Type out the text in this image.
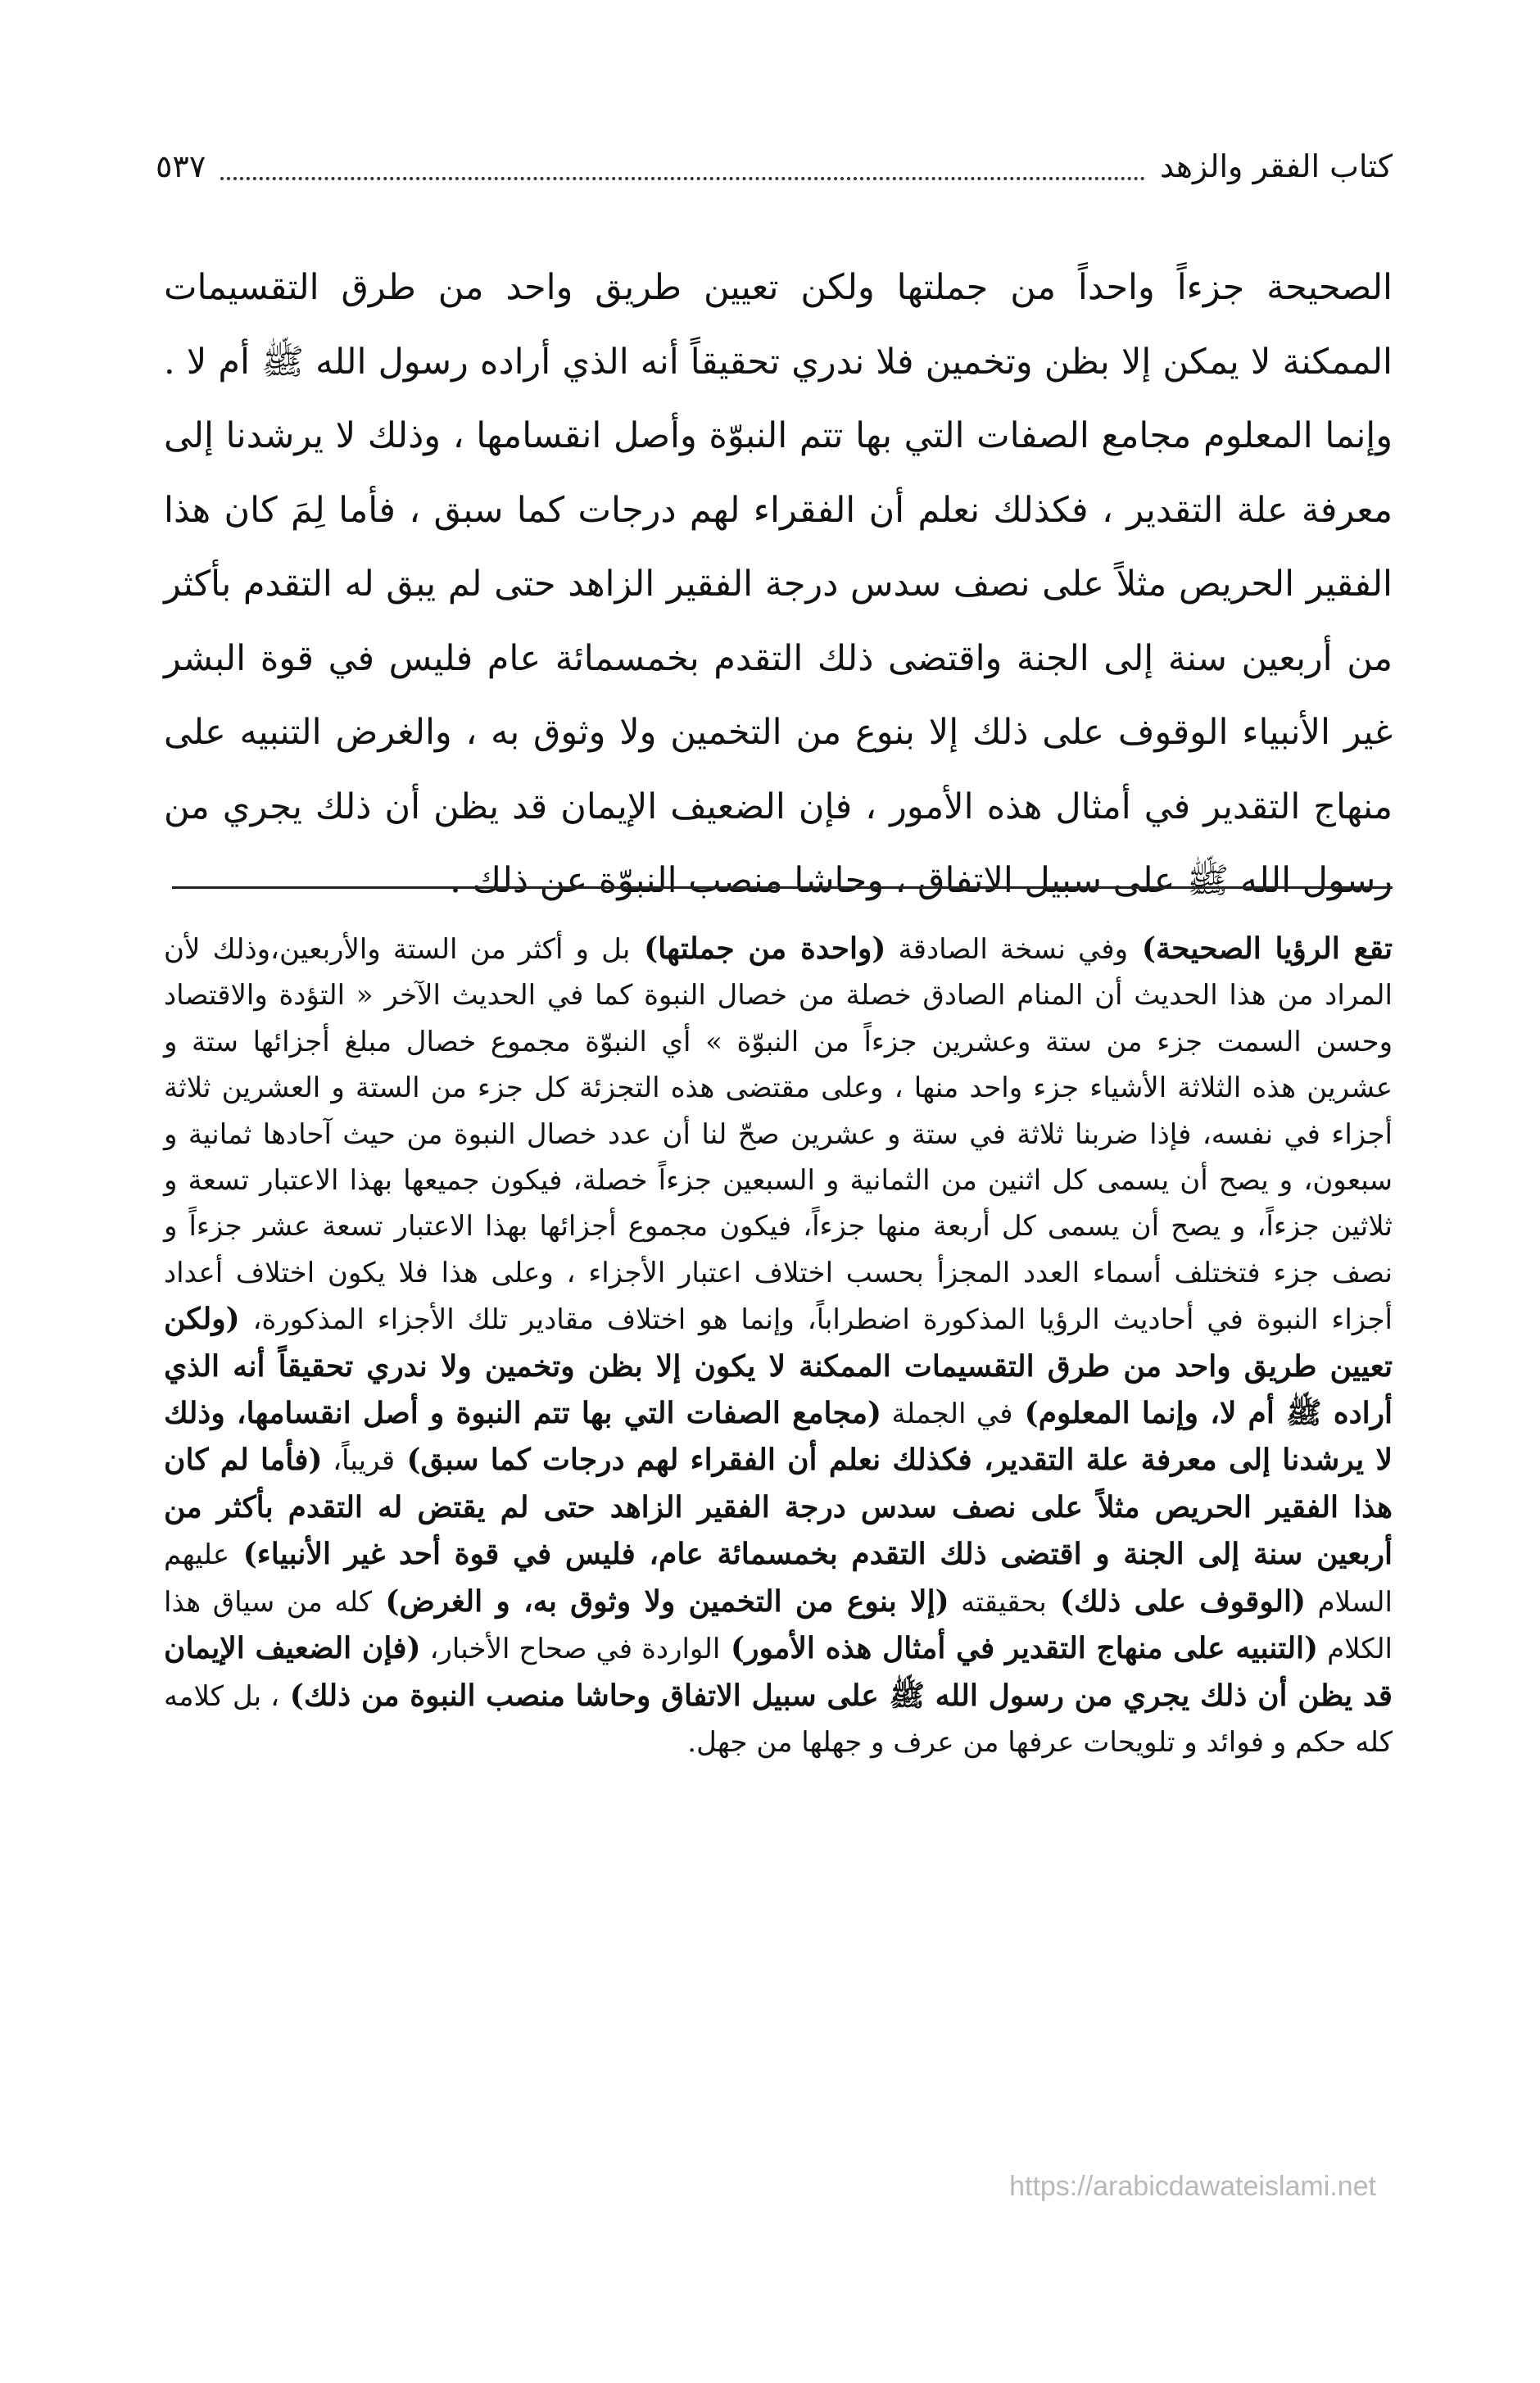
كتاب الفقر والزهد
٥٣٧

الصحيحة جزءاً واحداً من جملتها ولكن تعيين طريق واحد من طرق التقسيمات الممكنة لا يمكن إلا بظن وتخمين فلا ندري تحقيقاً أنه الذي أراده رسول الله ﷺ أم لا . وإنما المعلوم مجامع الصفات التي بها تتم النبوّة وأصل انقسامها ، وذلك لا يرشدنا إلى معرفة علة التقدير ، فكذلك نعلم أن الفقراء لهم درجات كما سبق ، فأما لِمَ كان هذا الفقير الحريص مثلاً على نصف سدس درجة الفقير الزاهد حتى لم يبق له التقدم بأكثر من أربعين سنة إلى الجنة واقتضى ذلك التقدم بخمسمائة عام فليس في قوة البشر غير الأنبياء الوقوف على ذلك إلا بنوع من التخمين ولا وثوق به ، والغرض التنبيه على منهاج التقدير في أمثال هذه الأمور ، فإن الضعيف الإيمان قد يظن أن ذلك يجري من رسول الله ﷺ على سبيل الاتفاق ، وحاشا منصب النبوّة عن ذلك .

تقع الرؤيا الصحيحة) وفي نسخة الصادقة (واحدة من جملتها) بل و أكثر من الستة والأربعين،وذلك لأن المراد من هذا الحديث أن المنام الصادق خصلة من خصال النبوة كما في الحديث الآخر « التؤدة والاقتصاد وحسن السمت جزء من ستة وعشرين جزءاً من النبوّة » أي النبوّة مجموع خصال مبلغ أجزائها ستة و عشرين هذه الثلاثة الأشياء جزء واحد منها ، وعلى مقتضى هذه التجزئة كل جزء من الستة و العشرين ثلاثة أجزاء في نفسه، فإذا ضربنا ثلاثة في ستة و عشرين صحّ لنا أن عدد خصال النبوة من حيث آحادها ثمانية و سبعون، و يصح أن يسمى كل اثنين من الثمانية و السبعين جزءاً خصلة، فيكون جميعها بهذا الاعتبار تسعة و ثلاثين جزءاً، و يصح أن يسمى كل أربعة منها جزءاً، فيكون مجموع أجزائها بهذا الاعتبار تسعة عشر جزءاً و نصف جزء فتختلف أسماء العدد المجزأ بحسب اختلاف اعتبار الأجزاء ، وعلى هذا فلا يكون اختلاف أعداد أجزاء النبوة في أحاديث الرؤيا المذكورة اضطراباً، وإنما هو اختلاف مقادير تلك الأجزاء المذكورة، (ولكن تعيين طريق واحد من طرق التقسيمات الممكنة لا يكون إلا بظن وتخمين ولا ندري تحقيقاً أنه الذي أراده ﷺ أم لا، وإنما المعلوم) في الجملة (مجامع الصفات التي بها تتم النبوة و أصل انقسامها، وذلك لا يرشدنا إلى معرفة علة التقدير، فكذلك نعلم أن الفقراء لهم درجات كما سبق) قريباً، (فأما لم كان هذا الفقير الحريص مثلاً على نصف سدس درجة الفقير الزاهد حتى لم يقتض له التقدم بأكثر من أربعين سنة إلى الجنة و اقتضى ذلك التقدم بخمسمائة عام، فليس في قوة أحد غير الأنبياء) عليهم السلام (الوقوف على ذلك) بحقيقته (إلا بنوع من التخمين ولا وثوق به، و الغرض) كله من سياق هذا الكلام (التنبيه على منهاج التقدير في أمثال هذه الأمور) الواردة في صحاح الأخبار، (فإن الضعيف الإيمان قد يظن أن ذلك يجري من رسول الله ﷺ على سبيل الاتفاق وحاشا منصب النبوة من ذلك) ، بل كلامه كله حكم و فوائد و تلويحات عرفها من عرف و جهلها من جهل.

https://arabicdawateislami.net
